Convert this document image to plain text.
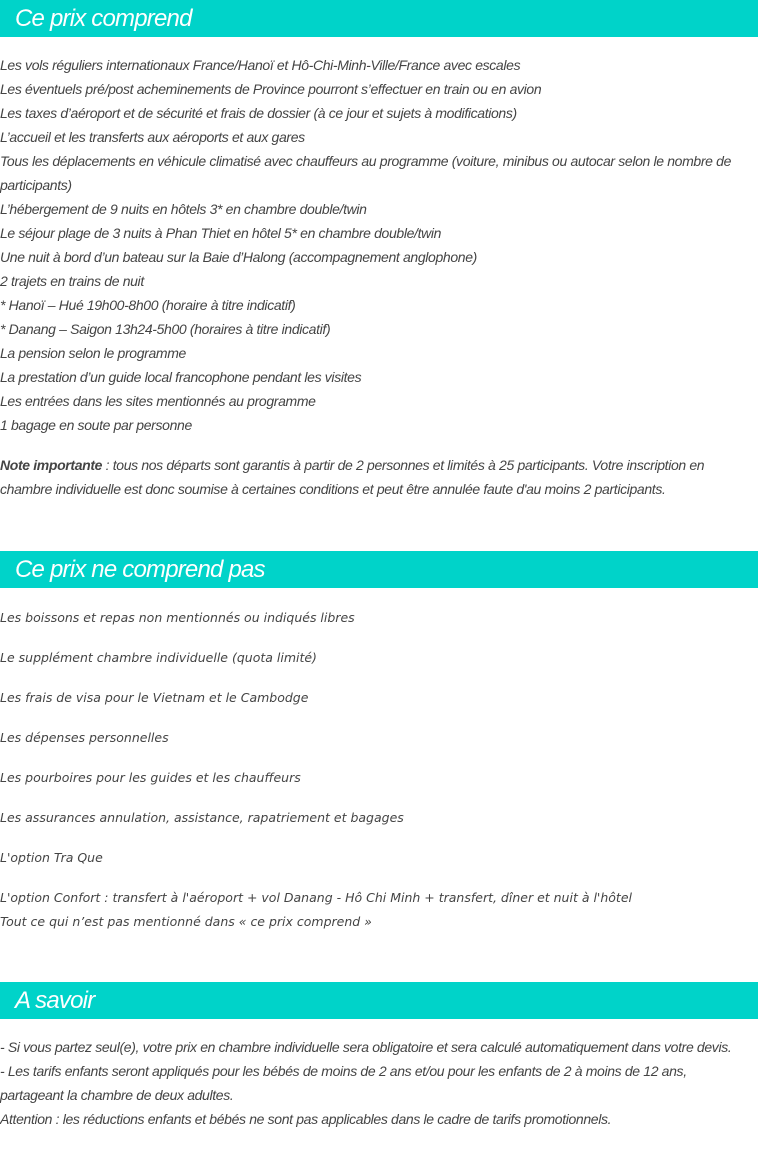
Ce prix comprend

Les vols réguliers internationaux France/Hanoï et Hô-Chi-Minh-Ville/France avec escales

Les éventuels pré/post acheminements de Province pourront s’effectuer en train ou en avion

Les taxes d’aéroport et de sécurité et frais de dossier (à ce jour et sujets à modifications)

L’accueil et les transferts aux aéroports et aux gares

Tous les déplacements en véhicule climatisé avec chauffeurs au programme (voiture, minibus ou autocar selon le nombre de participants)

L’hébergement de 9 nuits en hôtels 3* en chambre double/twin

Le séjour plage de 3 nuits à Phan Thiet en hôtel 5* en chambre double/twin

Une nuit à bord d’un bateau sur la Baie d’Halong (accompagnement anglophone)

2 trajets en trains de nuit

* Hanoï – Hué 19h00-8h00 (horaire à titre indicatif)

* Danang – Saigon 13h24-5h00 (horaires à titre indicatif)

La pension selon le programme

La prestation d’un guide local francophone pendant les visites

Les entrées dans les sites mentionnés au programme

1 bagage en soute par personne

Note importante : tous nos départs sont garantis à partir de 2 personnes et limités à 25 participants. Votre inscription en chambre individuelle est donc soumise à certaines conditions et peut être annulée faute d'au moins 2 participants.

Ce prix ne comprend pas

Les boissons et repas non mentionnés ou indiqués libres

Le supplément chambre individuelle (quota limité)

Les frais de visa pour le Vietnam et le Cambodge

Les dépenses personnelles

Les pourboires pour les guides et les chauffeurs

Les assurances annulation, assistance, rapatriement et bagages

L'option Tra Que

L'option Confort : transfert à l'aéroport + vol Danang - Hô Chi Minh + transfert, dîner et nuit à l'hôtel

Tout ce qui n’est pas mentionné dans « ce prix comprend »

A savoir

- Si vous partez seul(e), votre prix en chambre individuelle sera obligatoire et sera calculé automatiquement dans votre devis.

- Les tarifs enfants seront appliqués pour les bébés de moins de 2 ans et/ou pour les enfants de 2 à moins de 12 ans, partageant la chambre de deux adultes.

Attention : les réductions enfants et bébés ne sont pas applicables dans le cadre de tarifs promotionnels.
